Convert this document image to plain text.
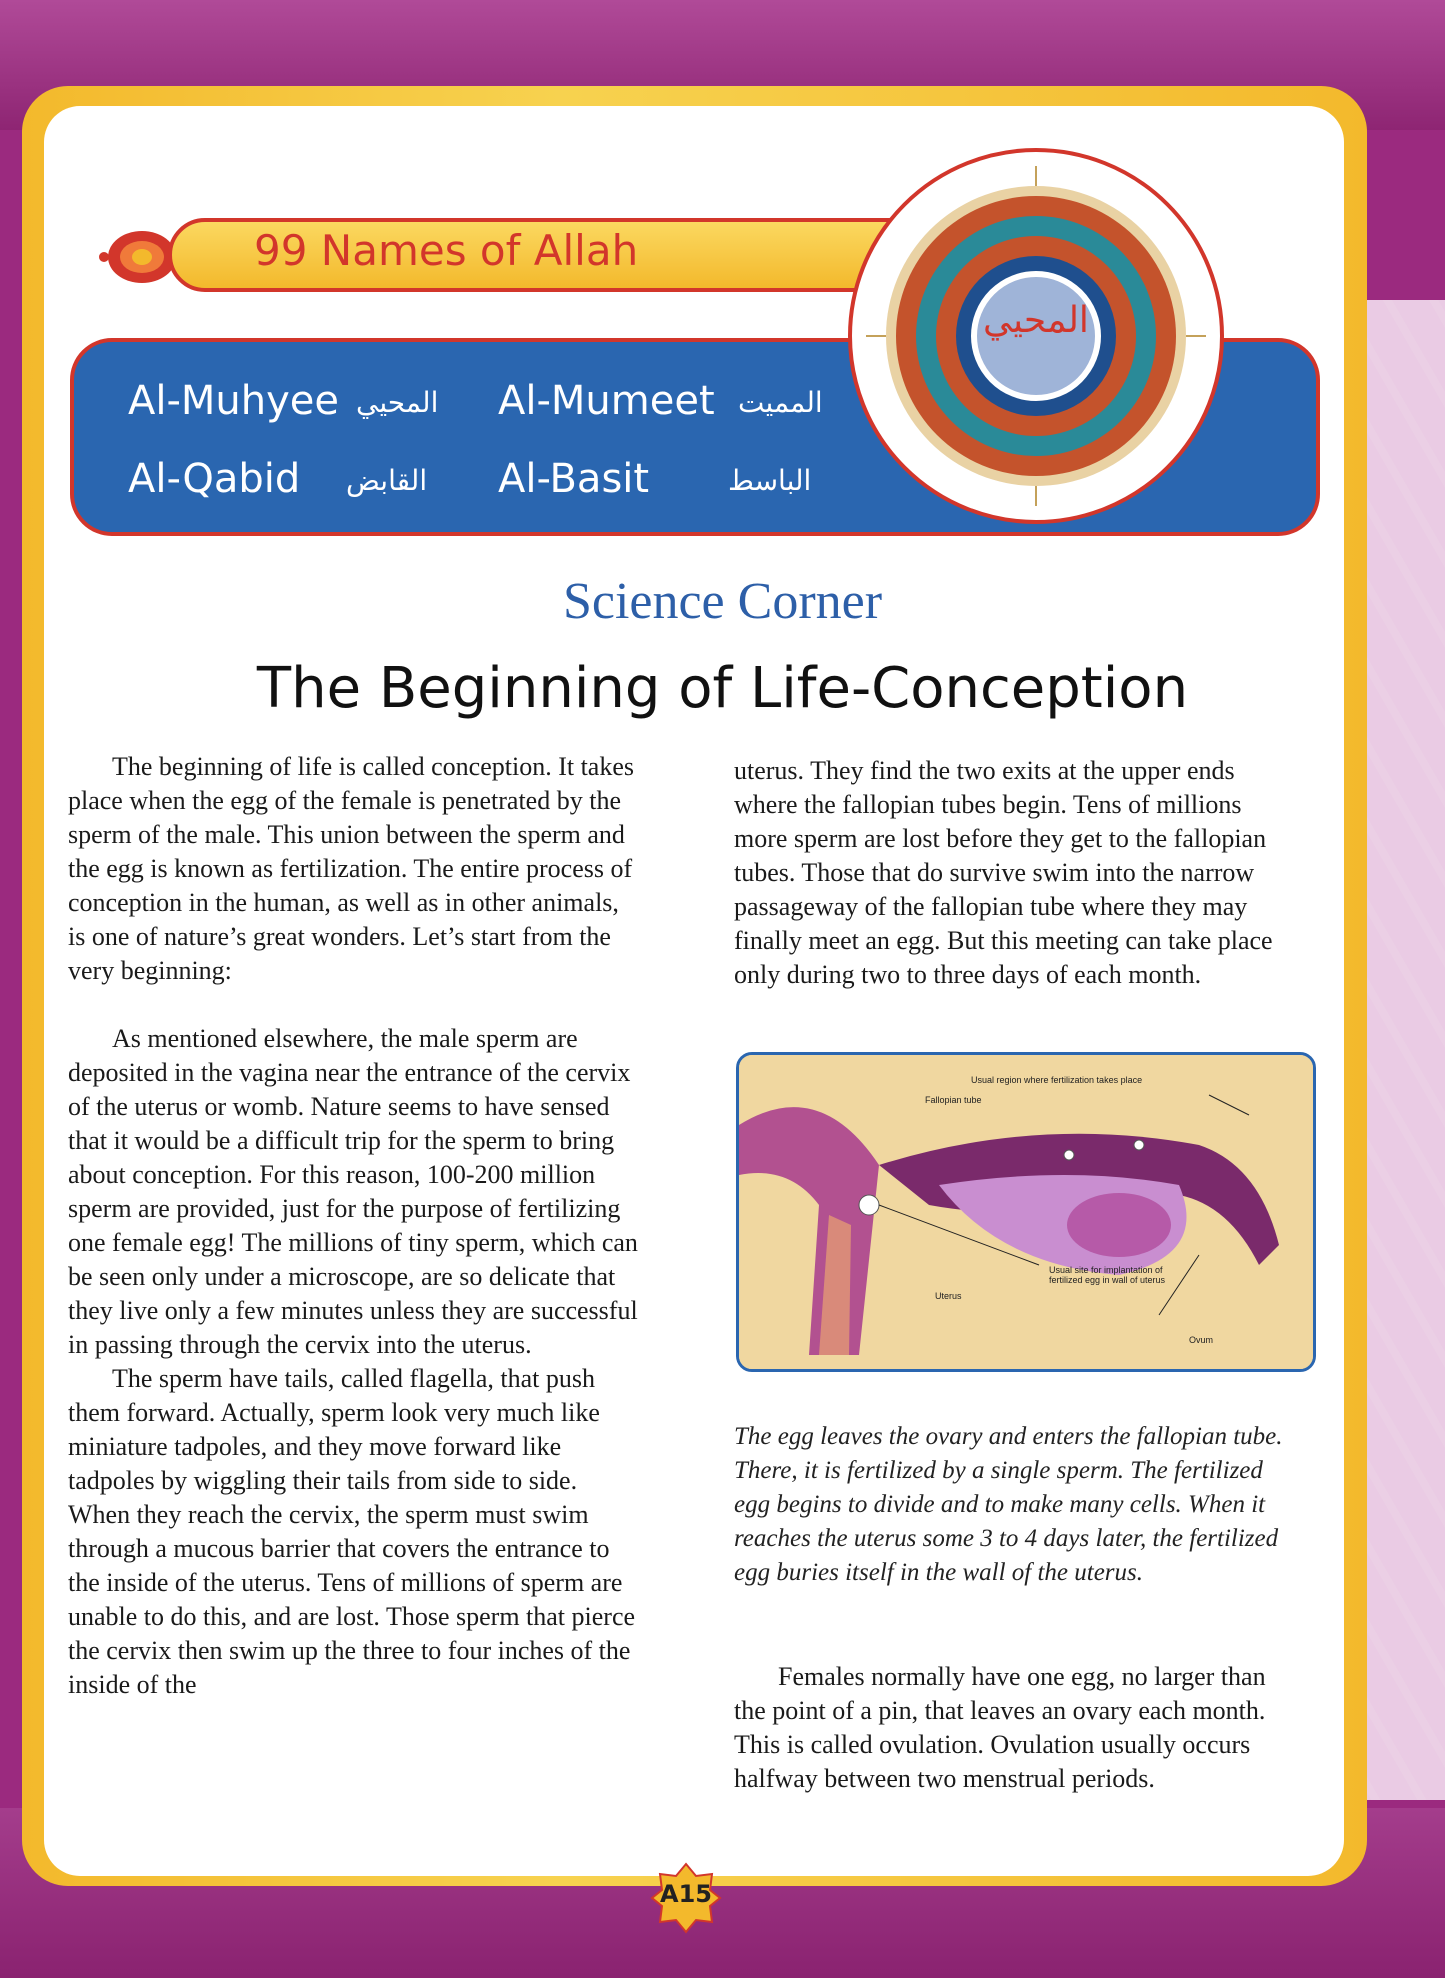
99 Names of Allah
Al-Muhyee المحيي Al-Mumeet المميت
Al-Qabid القابض Al-Basit	الباسط
المحيي
Science Corner
The Beginning of Life-Conception

The beginning of life is called conception. It takes place when the egg of the female is penetrated by the sperm of the male. This union between the sperm and the egg is known as fertilization. The entire process of conception in the human, as well as in other animals, is one of nature’s great wonders. Let’s start from the very beginning:

As mentioned elsewhere, the male sperm are deposited in the vagina near the entrance of the cervix of the uterus or womb. Nature seems to have sensed that it would be a difficult trip for the sperm to bring about conception. For this reason, 100-200 million sperm are provided, just for the purpose of fertilizing one female egg! The millions of tiny sperm, which can be seen only under a microscope, are so delicate that they live only a few minutes unless they are successful in passing through the cervix into the uterus.

The sperm have tails, called flagella, that push them forward. Actually, sperm look very much like miniature tadpoles, and they move forward like tadpoles by wiggling their tails from side to side. When they reach the cervix, the sperm must swim through a mucous barrier that covers the entrance to the inside of the uterus. Tens of millions of sperm are unable to do this, and are lost. Those sperm that pierce the cervix then swim up the three to four inches of the inside of the

uterus. They find the two exits at the upper ends where the fallopian tubes begin. Tens of millions more sperm are lost before they get to the fallopian tubes. Those that do survive swim into the narrow passageway of the fallopian tube where they may finally meet an egg. But this meeting can take place only during two to three days of each month.

Usual region where fertilization takes place
Fallopian tube
Usual site for implantation of fertilized egg in wall of uterus
Uterus
Ovum
The egg leaves the ovary and enters the fallopian tube. There, it is fertilized by a single sperm. The fertilized egg begins to divide and to make many cells. When it reaches the uterus some 3 to 4 days later, the fertilized egg buries itself in the wall of the uterus.

Females normally have one egg, no larger than the point of a pin, that leaves an ovary each month. This is called ovulation. Ovulation usually occurs halfway between two menstrual periods.

A15
